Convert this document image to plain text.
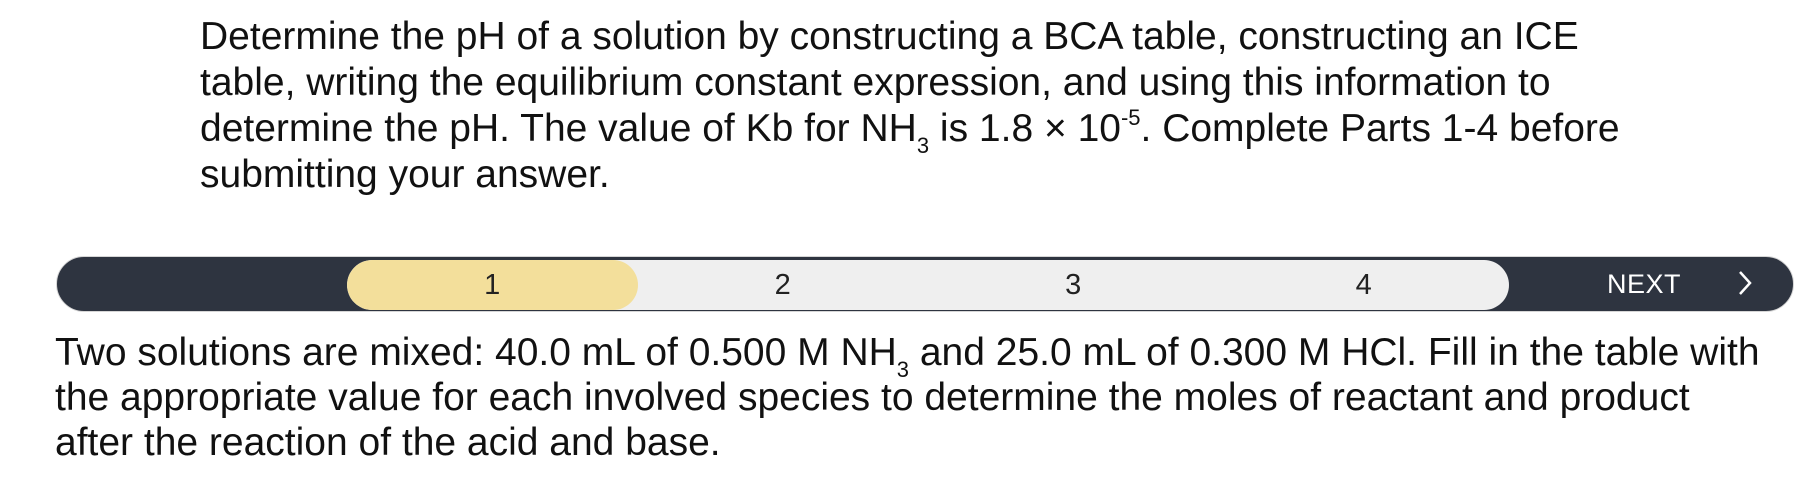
Determine the pH of a solution by constructing a BCA table, constructing an ICE table, writing the equilibrium constant expression, and using this information to determine the pH. The value of Kb for $NH_3$ is $1.8 \times 10^{-5}$. Complete Parts 1-4 before submitting your answer.
1	2	3	4	NEXT
Two solutions are mixed: 40.0 mL of 0.500 M $NH_3$ and 25.0 mL of 0.300 M HCl. Fill in the table with the appropriate value for each involved species to determine the moles of reactant and product after the reaction of the acid and base.
